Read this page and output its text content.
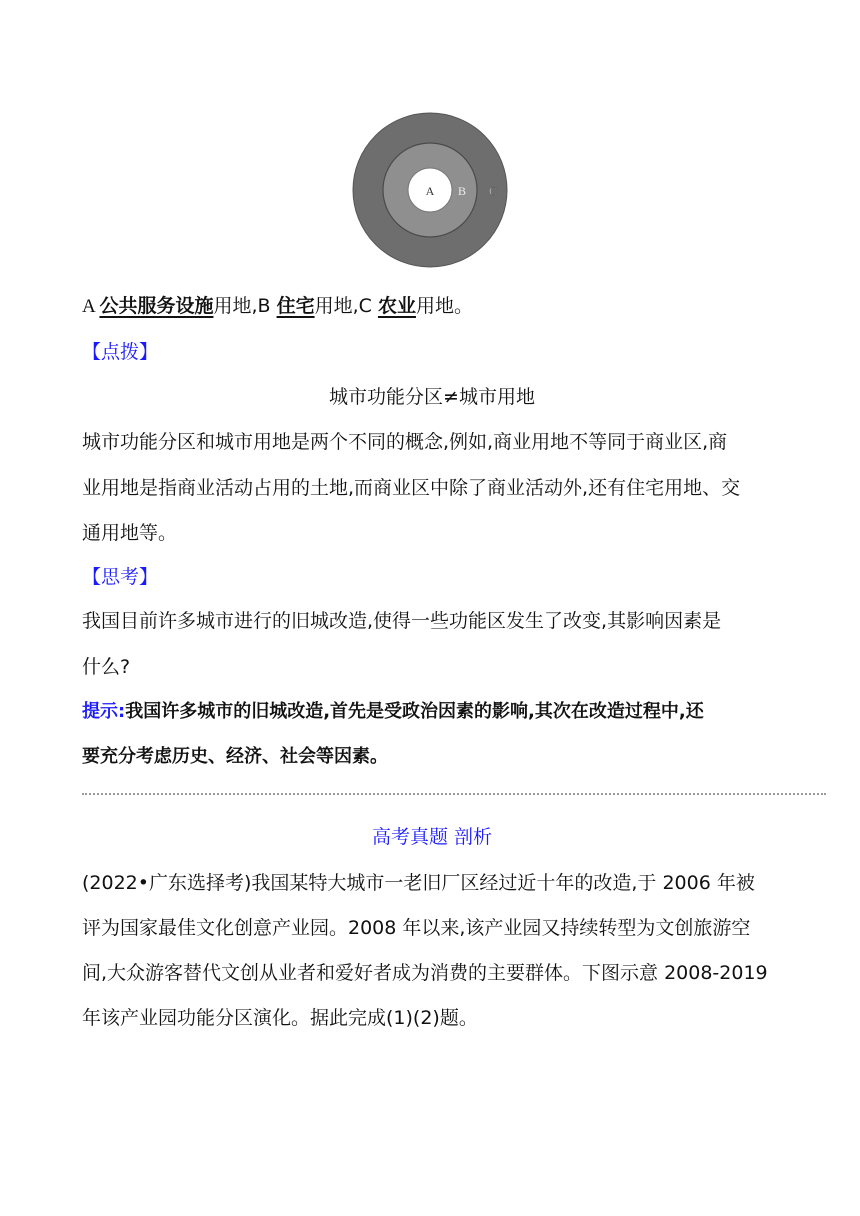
A B C
A 公共服务设施用地,B 住宅用地,C 农业用地。
【点拨】
城市功能分区≠城市用地
城市功能分区和城市用地是两个不同的概念,例如,商业用地不等同于商业区,商
业用地是指商业活动占用的土地,而商业区中除了商业活动外,还有住宅用地、交
通用地等。
【思考】
我国目前许多城市进行的旧城改造,使得一些功能区发生了改变,其影响因素是
什么?
提示:我国许多城市的旧城改造,首先是受政治因素的影响,其次在改造过程中,还
要充分考虑历史、经济、社会等因素。
高考真题 剖析
(2022•广东选择考)我国某特大城市一老旧厂区经过近十年的改造,于 2006 年被
评为国家最佳文化创意产业园。2008 年以来,该产业园又持续转型为文创旅游空
间,大众游客替代文创从业者和爱好者成为消费的主要群体。下图示意 2008-2019
年该产业园功能分区演化。据此完成(1)(2)题。
